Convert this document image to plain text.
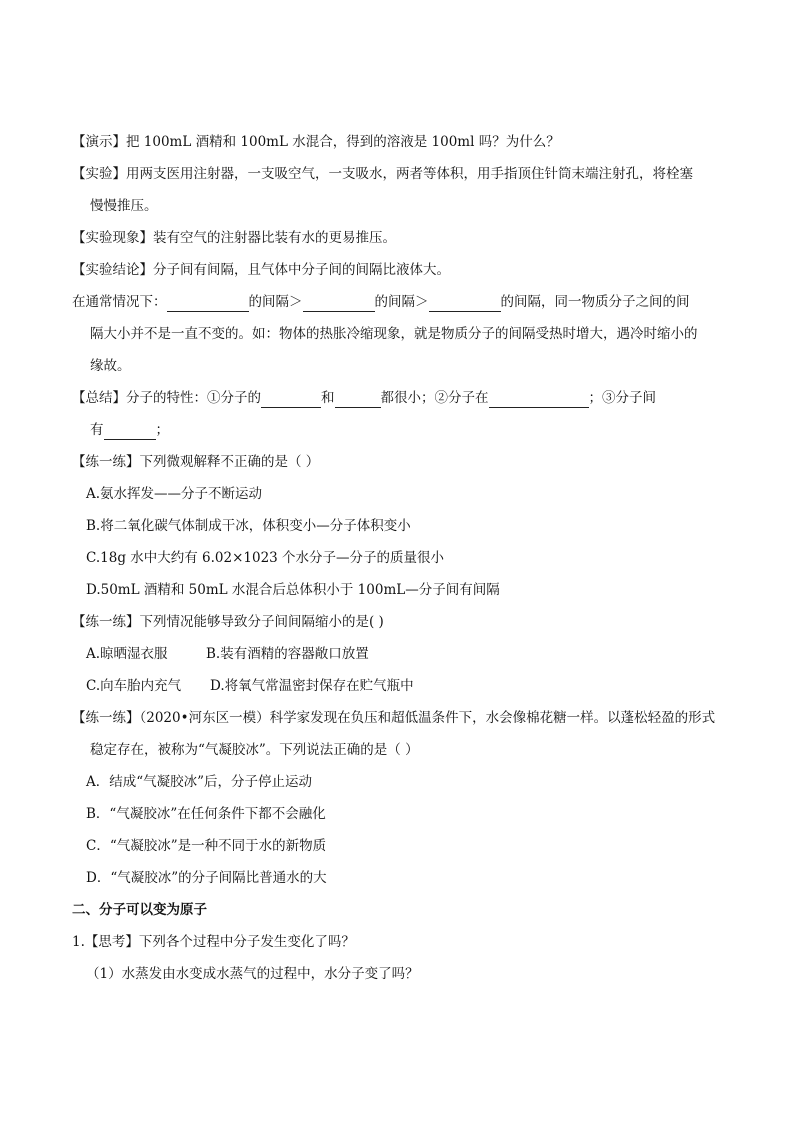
【演示】把 100mL 酒精和 100mL 水混合，得到的溶液是 100ml 吗？为什么？
【实验】用两支医用注射器，一支吸空气，一支吸水，两者等体积，用手指顶住针筒末端注射孔，将栓塞
慢慢推压。
【实验现象】装有空气的注射器比装有水的更易推压。
【实验结论】分子间有间隔，且气体中分子间的间隔比液体大。
在通常情况下：	的间隔＞	的间隔＞	的间隔，同一物质分子之间的间
隔大小并不是一直不变的。如：物体的热胀冷缩现象，就是物质分子的间隔受热时增大，遇冷时缩小的
缘故。
【总结】分子的特性：①分子的	和	都很小；②分子在	；③分子间
有	；
【练一练】下列微观解释不正确的是（ ）
A.氨水挥发——分子不断运动
B.将二氧化碳气体制成干冰，体积变小—分子体积变小
C.18g 水中大约有 6.02×1023 个水分子—分子的质量很小
D.50mL 酒精和 50mL 水混合后总体积小于 100mL—分子间有间隔
【练一练】下列情况能够导致分子间间隔缩小的是( )
A.晾晒湿衣服	B.装有酒精的容器敞口放置
C.向车胎内充气 D.将氧气常温密封保存在贮气瓶中
【练一练】（2020•河东区一模）科学家发现在负压和超低温条件下，水会像棉花糖一样。以蓬松轻盈的形式
稳定存在，被称为“气凝胶冰”。下列说法正确的是（ ）
A．结成“气凝胶冰”后，分子停止运动
B．“气凝胶冰”在任何条件下都不会融化
C．“气凝胶冰”是一种不同于水的新物质
D．“气凝胶冰”的分子间隔比普通水的大
二、分子可以变为原子
1.【思考】下列各个过程中分子发生变化了吗？
（1）水蒸发由水变成水蒸气的过程中，水分子变了吗？
